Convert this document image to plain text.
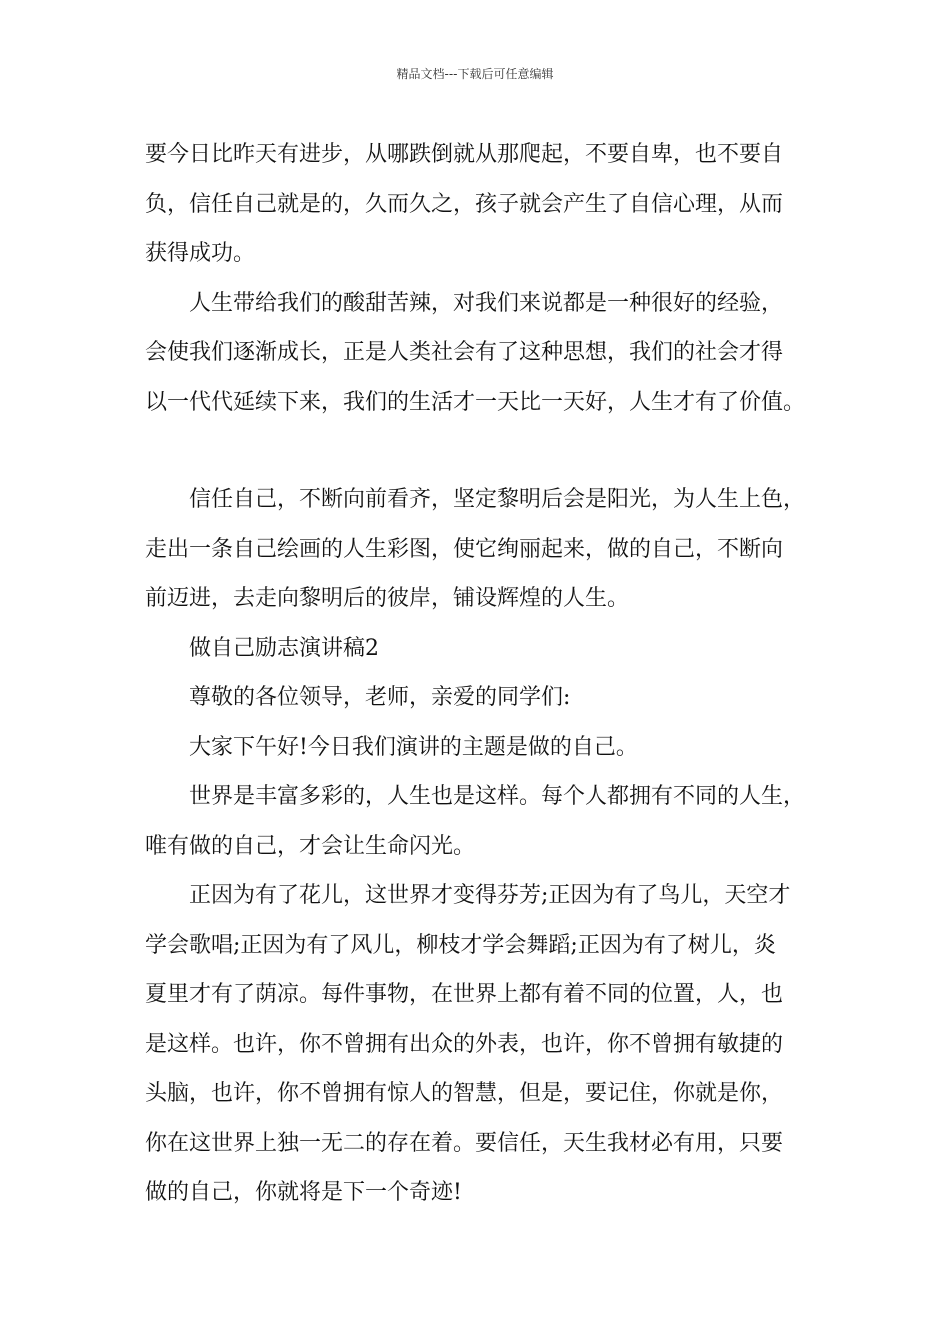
精品文档---下载后可任意编辑
要今日比昨天有进步，从哪跌倒就从那爬起，不要自卑，也不要自
负，信任自己就是的，久而久之，孩子就会产生了自信心理，从而
获得成功。
人生带给我们的酸甜苦辣，对我们来说都是一种很好的经验，
会使我们逐渐成长，正是人类社会有了这种思想，我们的社会才得
以一代代延续下来，我们的生活才一天比一天好，人生才有了价值。
信任自己，不断向前看齐，坚定黎明后会是阳光，为人生上色，
走出一条自己绘画的人生彩图，使它绚丽起来，做的自己，不断向
前迈进，去走向黎明后的彼岸，铺设辉煌的人生。
做自己励志演讲稿2
尊敬的各位领导，老师，亲爱的同学们:
大家下午好!今日我们演讲的主题是做的自己。
世界是丰富多彩的，人生也是这样。每个人都拥有不同的人生，
唯有做的自己，才会让生命闪光。
正因为有了花儿，这世界才变得芬芳;正因为有了鸟儿，天空才
学会歌唱;正因为有了风儿，柳枝才学会舞蹈;正因为有了树儿，炎
夏里才有了荫凉。每件事物，在世界上都有着不同的位置，人，也
是这样。也许，你不曾拥有出众的外表，也许，你不曾拥有敏捷的
头脑，也许，你不曾拥有惊人的智慧，但是，要记住，你就是你，
你在这世界上独一无二的存在着。要信任，天生我材必有用，只要
做的自己，你就将是下一个奇迹!
